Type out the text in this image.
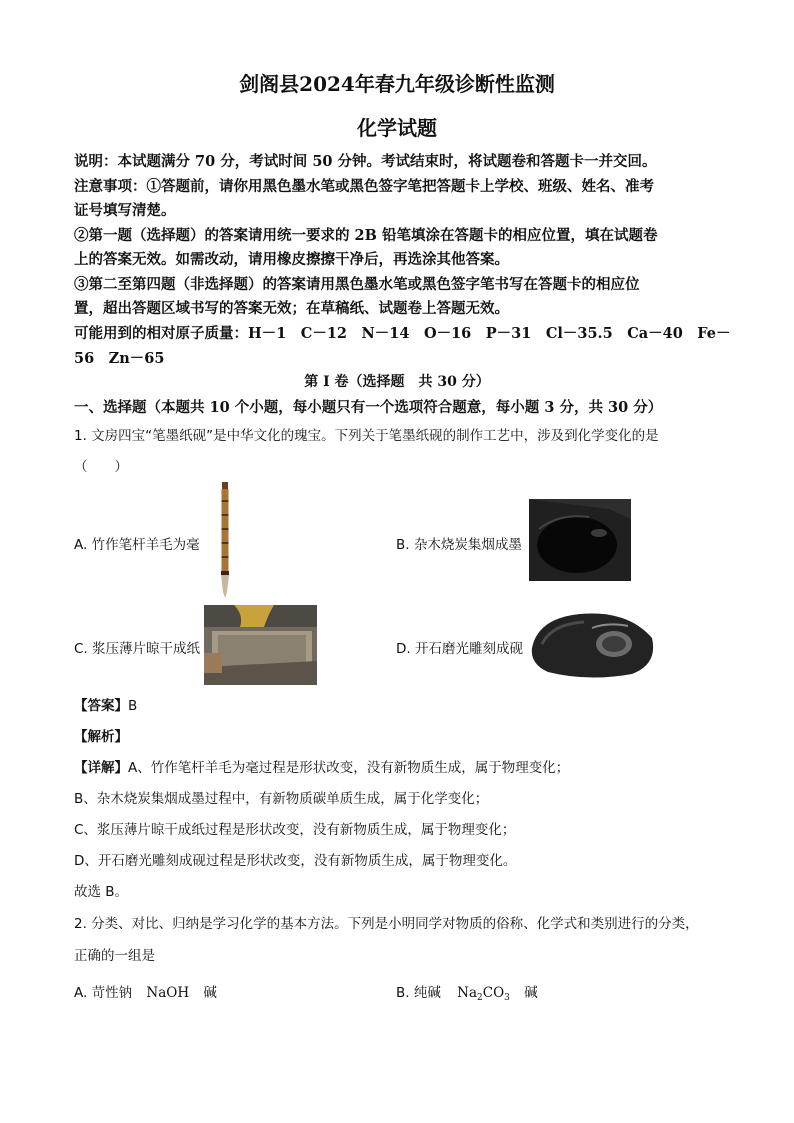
剑阁县2024年春九年级诊断性监测
化学试题
说明：本试题满分 70 分，考试时间 50 分钟。考试结束时，将试题卷和答题卡一并交回。
注意事项：①答题前，请你用黑色墨水笔或黑色签字笔把答题卡上学校、班级、姓名、准考
证号填写清楚。
②第一题（选择题）的答案请用统一要求的 2B 铅笔填涂在答题卡的相应位置，填在试题卷
上的答案无效。如需改动，请用橡皮擦擦干净后，再选涂其他答案。
③第二至第四题（非选择题）的答案请用黑色墨水笔或黑色签字笔书写在答题卡的相应位
置，超出答题区域书写的答案无效；在草稿纸、试题卷上答题无效。
可能用到的相对原子质量：H－1　C－12　N－14　O－16　P－31　Cl－35.5　Ca－40　Fe－
56　Zn－65
第 I 卷（选择题　共 30 分）
一、选择题（本题共 10 个小题，每小题只有一个选项符合题意，每小题 3 分，共 30 分）
1. 文房四宝“笔墨纸砚”是中华文化的瑰宝。下列关于笔墨纸砚的制作工艺中，涉及到化学变化的是
（　　）
A. 竹作笔杆羊毛为毫	B. 杂木烧炭集烟成墨
C. 浆压薄片晾干成纸	D. 开石磨光雕刻成砚
【答案】B
【解析】
【详解】A、竹作笔杆羊毛为毫过程是形状改变，没有新物质生成，属于物理变化；
B、杂木烧炭集烟成墨过程中，有新物质碳单质生成，属于化学变化；
C、浆压薄片晾干成纸过程是形状改变，没有新物质生成，属于物理变化；
D、开石磨光雕刻成砚过程是形状改变，没有新物质生成，属于物理变化。
故选 B。
2. 分类、对比、归纳是学习化学的基本方法。下列是小明同学对物质的俗称、化学式和类别进行的分类，
正确的一组是
A. 苛性钠 NaOH 碱	B. 纯碱 $Na_2CO_3$ 碱
